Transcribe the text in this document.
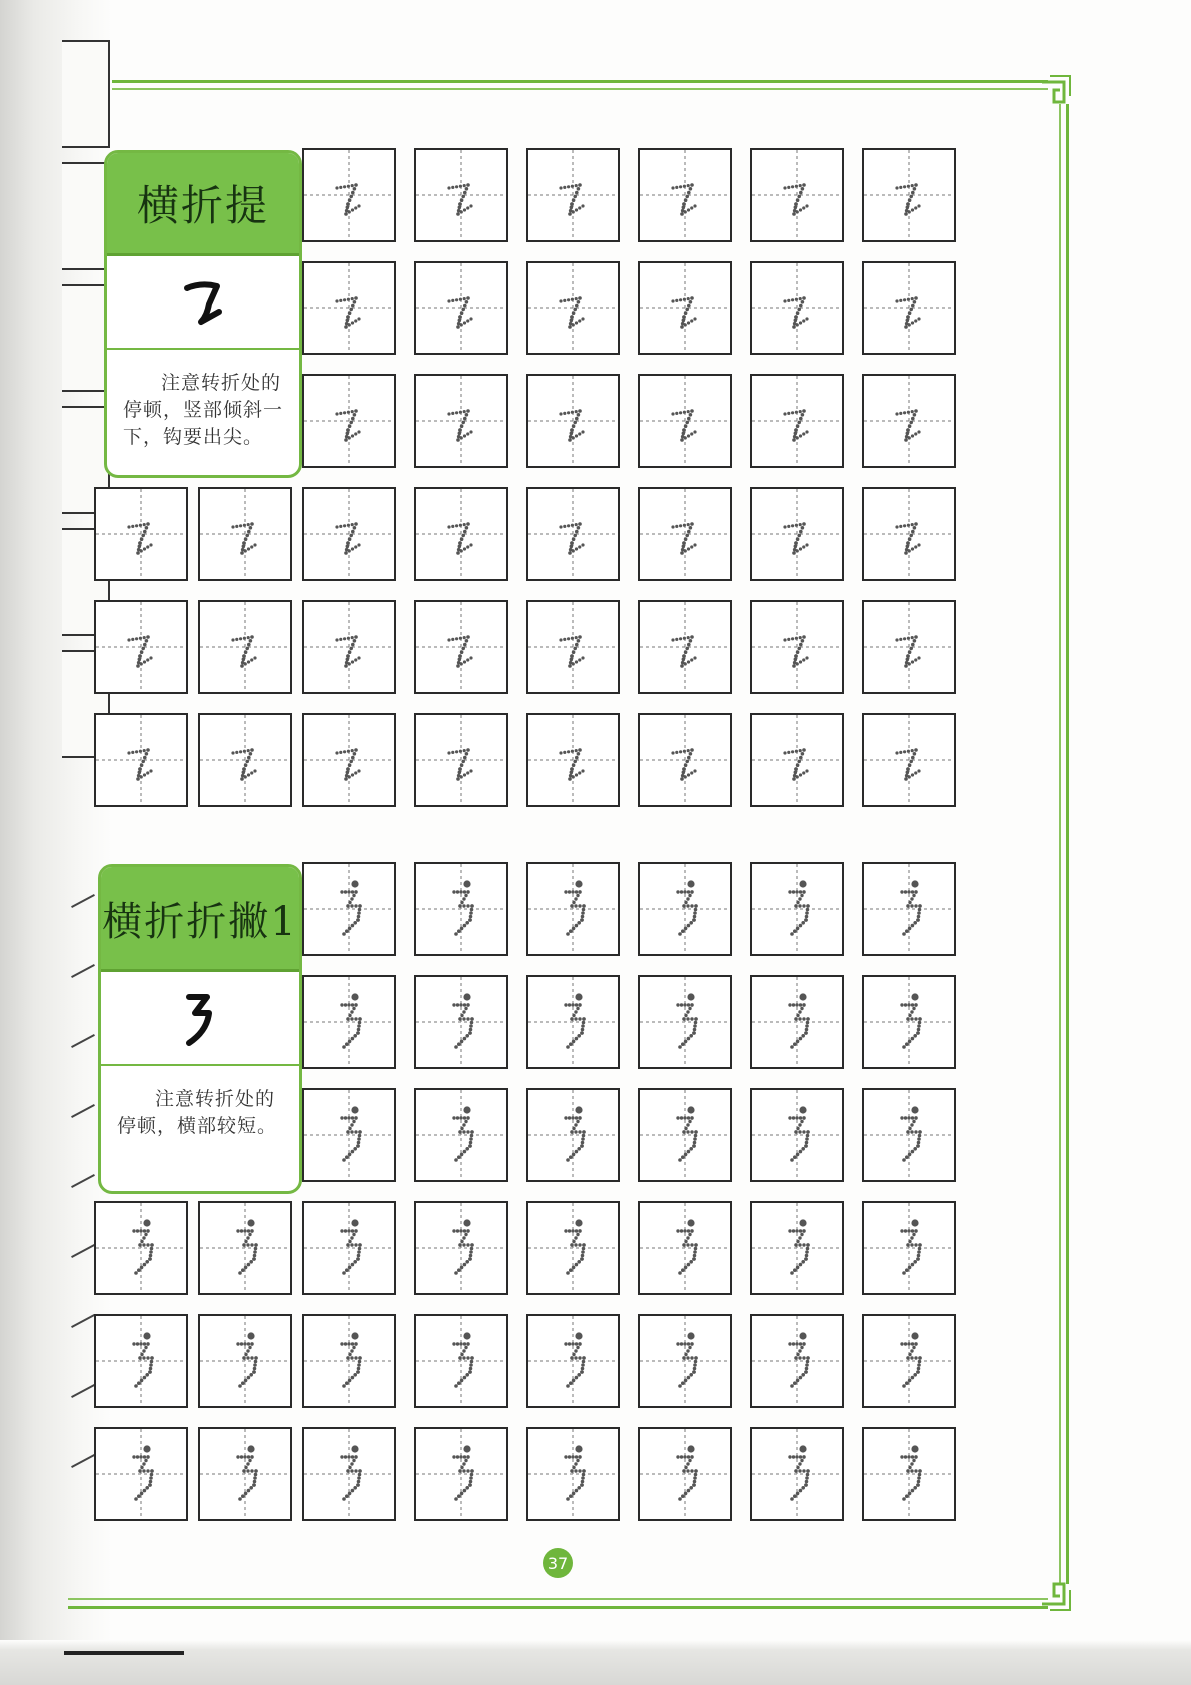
横折提
注意转折处的停顿，竖部倾斜一下，钩要出尖。
横折折撇1
注意转折处的停顿，横部较短。
37
